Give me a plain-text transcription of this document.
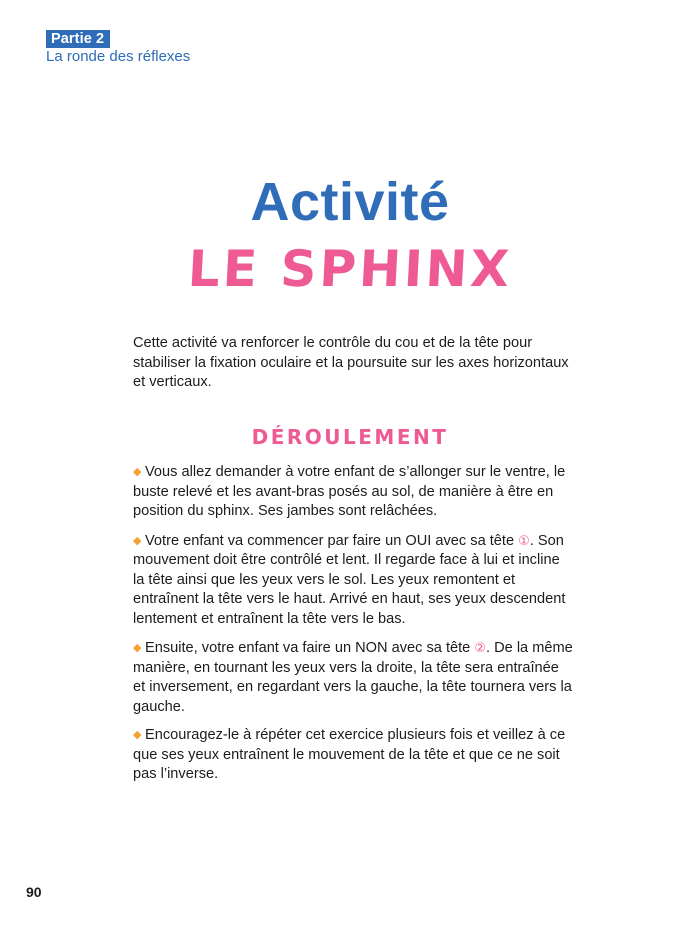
Partie 2
La ronde des réflexes
Activité
LE SPHINX

Cette activité va renforcer le contrôle du cou et de la tête pour stabiliser la fixation oculaire et la poursuite sur les axes horizontaux et verticaux.

DÉROULEMENT

◆ Vous allez demander à votre enfant de s’allonger sur le ventre, le buste relevé et les avant-bras posés au sol, de manière à être en position du sphinx. Ses jambes sont relâchées.

◆ Votre enfant va commencer par faire un OUI avec sa tête ①. Son mouvement doit être contrôlé et lent. Il regarde face à lui et incline la tête ainsi que les yeux vers le sol. Les yeux remontent et entraînent la tête vers le haut. Arrivé en haut, ses yeux descendent lentement et entraînent la tête vers le bas.

◆ Ensuite, votre enfant va faire un NON avec sa tête ②. De la même manière, en tournant les yeux vers la droite, la tête sera entraînée et inversement, en regardant vers la gauche, la tête tournera vers la gauche.

◆ Encouragez-le à répéter cet exercice plusieurs fois et veillez à ce que ses yeux entraînent le mouvement de la tête et que ce ne soit pas l’inverse.

90
